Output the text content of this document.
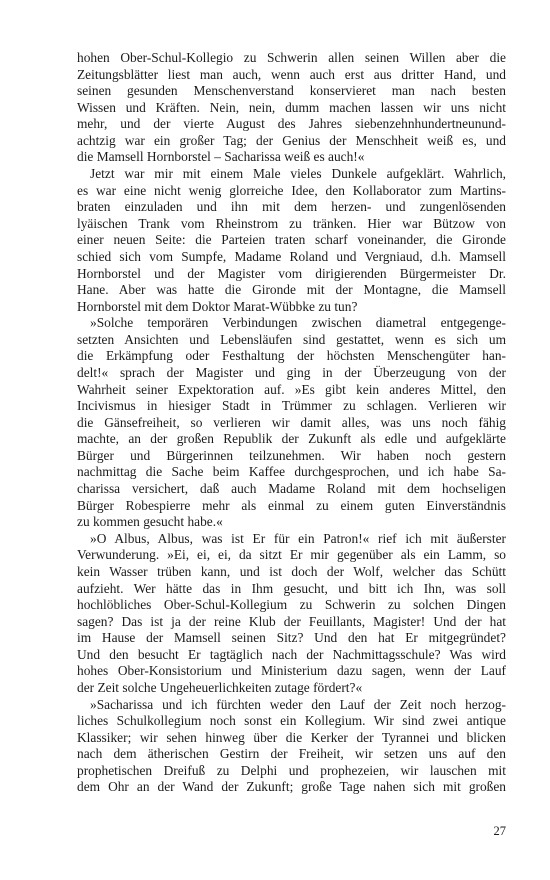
hohen Ober-Schul-Kollegio zu Schwerin allen seinen Willen aber die
Zeitungsblätter liest man auch, wenn auch erst aus dritter Hand, und
seinen gesunden Menschenverstand konservieret man nach besten
Wissen und Kräften. Nein, nein, dumm machen lassen wir uns nicht
mehr, und der vierte August des Jahres siebenzehnhundertneunund-
achtzig war ein großer Tag; der Genius der Menschheit weiß es, und
die Mamsell Hornborstel – Sacharissa weiß es auch!«
Jetzt war mir mit einem Male vieles Dunkele aufgeklärt. Wahrlich,
es war eine nicht wenig glorreiche Idee, den Kollaborator zum Martins-
braten einzuladen und ihn mit dem herzen- und zungenlösenden
lyäischen Trank vom Rheinstrom zu tränken. Hier war Bützow von
einer neuen Seite: die Parteien traten scharf voneinander, die Gironde
schied sich vom Sumpfe, Madame Roland und Vergniaud, d.h. Mamsell
Hornborstel und der Magister vom dirigierenden Bürgermeister Dr.
Hane. Aber was hatte die Gironde mit der Montagne, die Mamsell
Hornborstel mit dem Doktor Marat-Wübbke zu tun?
»Solche temporären Verbindungen zwischen diametral entgegenge-
setzten Ansichten und Lebensläufen sind gestattet, wenn es sich um
die Erkämpfung oder Festhaltung der höchsten Menschengüter han-
delt!« sprach der Magister und ging in der Überzeugung von der
Wahrheit seiner Expektoration auf. »Es gibt kein anderes Mittel, den
Incivismus in hiesiger Stadt in Trümmer zu schlagen. Verlieren wir
die Gänsefreiheit, so verlieren wir damit alles, was uns noch fähig
machte, an der großen Republik der Zukunft als edle und aufgeklärte
Bürger und Bürgerinnen teilzunehmen. Wir haben noch gestern
nachmittag die Sache beim Kaffee durchgesprochen, und ich habe Sa-
charissa versichert, daß auch Madame Roland mit dem hochseligen
Bürger Robespierre mehr als einmal zu einem guten Einverständnis
zu kommen gesucht habe.«
»O Albus, Albus, was ist Er für ein Patron!« rief ich mit äußerster
Verwunderung. »Ei, ei, ei, da sitzt Er mir gegenüber als ein Lamm, so
kein Wasser trüben kann, und ist doch der Wolf, welcher das Schütt
aufzieht. Wer hätte das in Ihm gesucht, und bitt ich Ihn, was soll
hochlöbliches Ober-Schul-Kollegium zu Schwerin zu solchen Dingen
sagen? Das ist ja der reine Klub der Feuillants, Magister! Und der hat
im Hause der Mamsell seinen Sitz? Und den hat Er mitgegründet?
Und den besucht Er tagtäglich nach der Nachmittagsschule? Was wird
hohes Ober-Konsistorium und Ministerium dazu sagen, wenn der Lauf
der Zeit solche Ungeheuerlichkeiten zutage fördert?«
»Sacharissa und ich fürchten weder den Lauf der Zeit noch herzog-
liches Schulkollegium noch sonst ein Kollegium. Wir sind zwei antique
Klassiker; wir sehen hinweg über die Kerker der Tyrannei und blicken
nach dem ätherischen Gestirn der Freiheit, wir setzen uns auf den
prophetischen Dreifuß zu Delphi und prophezeien, wir lauschen mit
dem Ohr an der Wand der Zukunft; große Tage nahen sich mit großen
27
